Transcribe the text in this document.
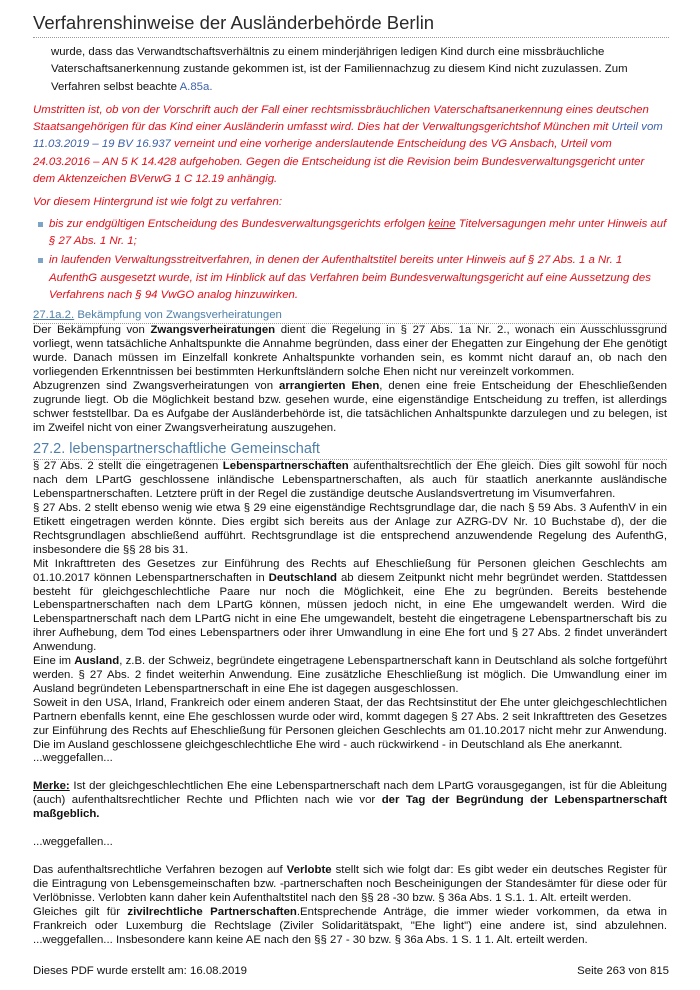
Verfahrenshinweise der Ausländerbehörde Berlin

wurde, dass das Verwandtschaftsverhältnis zu einem minderjährigen ledigen Kind durch eine missbräuchliche Vaterschaftsanerkennung zustande gekommen ist, ist der Familiennachzug zu diesem Kind nicht zuzulassen. Zum Verfahren selbst beachte A.85a.

Umstritten ist, ob von der Vorschrift auch der Fall einer rechtsmissbräuchlichen Vaterschaftsanerkennung eines deutschen Staatsangehörigen für das Kind einer Ausländerin umfasst wird. Dies hat der Verwaltungsgerichtshof München mit Urteil vom 11.03.2019 – 19 BV 16.937 verneint und eine vorherige anderslautende Entscheidung des VG Ansbach, Urteil vom 24.03.2016 – AN 5 K 14.428 aufgehoben. Gegen die Entscheidung ist die Revision beim Bundesverwaltungsgericht unter dem Aktenzeichen BVerwG 1 C 12.19 anhängig.

Vor diesem Hintergrund ist wie folgt zu verfahren:

bis zur endgültigen Entscheidung des Bundesverwaltungsgerichts erfolgen keine Titelversagungen mehr unter Hinweis auf § 27 Abs. 1 Nr. 1;
in laufenden Verwaltungsstreitverfahren, in denen der Aufenthaltstitel bereits unter Hinweis auf § 27 Abs. 1 a Nr. 1 AufenthG ausgesetzt wurde, ist im Hinblick auf das Verfahren beim Bundesverwaltungsgericht auf eine Aussetzung des Verfahrens nach § 94 VwGO analog hinzuwirken.
27.1a.2. Bekämpfung von Zwangsverheiratungen

Der Bekämpfung von Zwangsverheiratungen dient die Regelung in § 27 Abs. 1a Nr. 2., wonach ein Ausschlussgrund vorliegt, wenn tatsächliche Anhaltspunkte die Annahme begründen, dass einer der Ehegatten zur Eingehung der Ehe genötigt wurde. Danach müssen im Einzelfall konkrete Anhaltspunkte vorhanden sein, es kommt nicht darauf an, ob nach den vorliegenden Erkenntnissen bei bestimmten Herkunftsländern solche Ehen nicht nur vereinzelt vorkommen.

Abzugrenzen sind Zwangsverheiratungen von arrangierten Ehen, denen eine freie Entscheidung der Eheschließenden zugrunde liegt. Ob die Möglichkeit bestand bzw. gesehen wurde, eine eigenständige Entscheidung zu treffen, ist allerdings schwer feststellbar. Da es Aufgabe der Ausländerbehörde ist, die tatsächlichen Anhaltspunkte darzulegen und zu belegen, ist im Zweifel nicht von einer Zwangsverheiratung auszugehen.

27.2. lebenspartnerschaftliche Gemeinschaft

§ 27 Abs. 2 stellt die eingetragenen Lebenspartnerschaften aufenthaltsrechtlich der Ehe gleich. Dies gilt sowohl für noch nach dem LPartG geschlossene inländische Lebenspartnerschaften, als auch für staatlich anerkannte ausländische Lebenspartnerschaften. Letztere prüft in der Regel die zuständige deutsche Auslandsvertretung im Visumverfahren.

§ 27 Abs. 2 stellt ebenso wenig wie etwa § 29 eine eigenständige Rechtsgrundlage dar, die nach § 59 Abs. 3 AufenthV in ein Etikett eingetragen werden könnte. Dies ergibt sich bereits aus der Anlage zur AZRG-DV Nr. 10 Buchstabe d), der die Rechtsgrundlagen abschließend aufführt. Rechtsgrundlage ist die entsprechend anzuwendende Regelung des AufenthG, insbesondere die §§ 28 bis 31.

Mit Inkrafttreten des Gesetzes zur Einführung des Rechts auf Eheschließung für Personen gleichen Geschlechts am 01.10.2017 können Lebenspartnerschaften in Deutschland ab diesem Zeitpunkt nicht mehr begründet werden. Stattdessen besteht für gleichgeschlechtliche Paare nur noch die Möglichkeit, eine Ehe zu begründen. Bereits bestehende Lebenspartnerschaften nach dem LPartG können, müssen jedoch nicht, in eine Ehe umgewandelt werden. Wird die Lebenspartnerschaft nach dem LPartG nicht in eine Ehe umgewandelt, besteht die eingetragene Lebenspartnerschaft bis zu ihrer Aufhebung, dem Tod eines Lebenspartners oder ihrer Umwandlung in eine Ehe fort und § 27 Abs. 2 findet unverändert Anwendung.

Eine im Ausland, z.B. der Schweiz, begründete eingetragene Lebenspartnerschaft kann in Deutschland als solche fortgeführt werden. § 27 Abs. 2 findet weiterhin Anwendung. Eine zusätzliche Eheschließung ist möglich. Die Umwandlung einer im Ausland begründeten Lebenspartnerschaft in eine Ehe ist dagegen ausgeschlossen.

Soweit in den USA, Irland, Frankreich oder einem anderen Staat, der das Rechtsinstitut der Ehe unter gleichgeschlechtlichen Partnern ebenfalls kennt, eine Ehe geschlossen wurde oder wird, kommt dagegen § 27 Abs. 2 seit Inkrafttreten des Gesetzes zur Einführung des Rechts auf Eheschließung für Personen gleichen Geschlechts am 01.10.2017 nicht mehr zur Anwendung. Die im Ausland geschlossene gleichgeschlechtliche Ehe wird - auch rückwirkend - in Deutschland als Ehe anerkannt.

...weggefallen...

Merke: Ist der gleichgeschlechtlichen Ehe eine Lebenspartnerschaft nach dem LPartG vorausgegangen, ist für die Ableitung (auch) aufenthaltsrechtlicher Rechte und Pflichten nach wie vor der Tag der Begründung der Lebenspartnerschaft maßgeblich.

...weggefallen...

Das aufenthaltsrechtliche Verfahren bezogen auf Verlobte stellt sich wie folgt dar: Es gibt weder ein deutsches Register für die Eintragung von Lebensgemeinschaften bzw. -partnerschaften noch Bescheinigungen der Standesämter für diese oder für Verlöbnisse. Verlobten kann daher kein Aufenthaltstitel nach den §§ 28 -30 bzw. § 36a Abs. 1 S.1. 1. Alt. erteilt werden.

Gleiches gilt für zivilrechtliche Partnerschaften.Entsprechende Anträge, die immer wieder vorkommen, da etwa in Frankreich oder Luxemburg die Rechtslage (Ziviler Solidaritätspakt, "Ehe light") eine andere ist, sind abzulehnen. ...weggefallen... Insbesondere kann keine AE nach den §§ 27 - 30 bzw. § 36a Abs. 1 S. 1 1. Alt. erteilt werden.

Dieses PDF wurde erstellt am: 16.08.2019	Seite 263 von 815
